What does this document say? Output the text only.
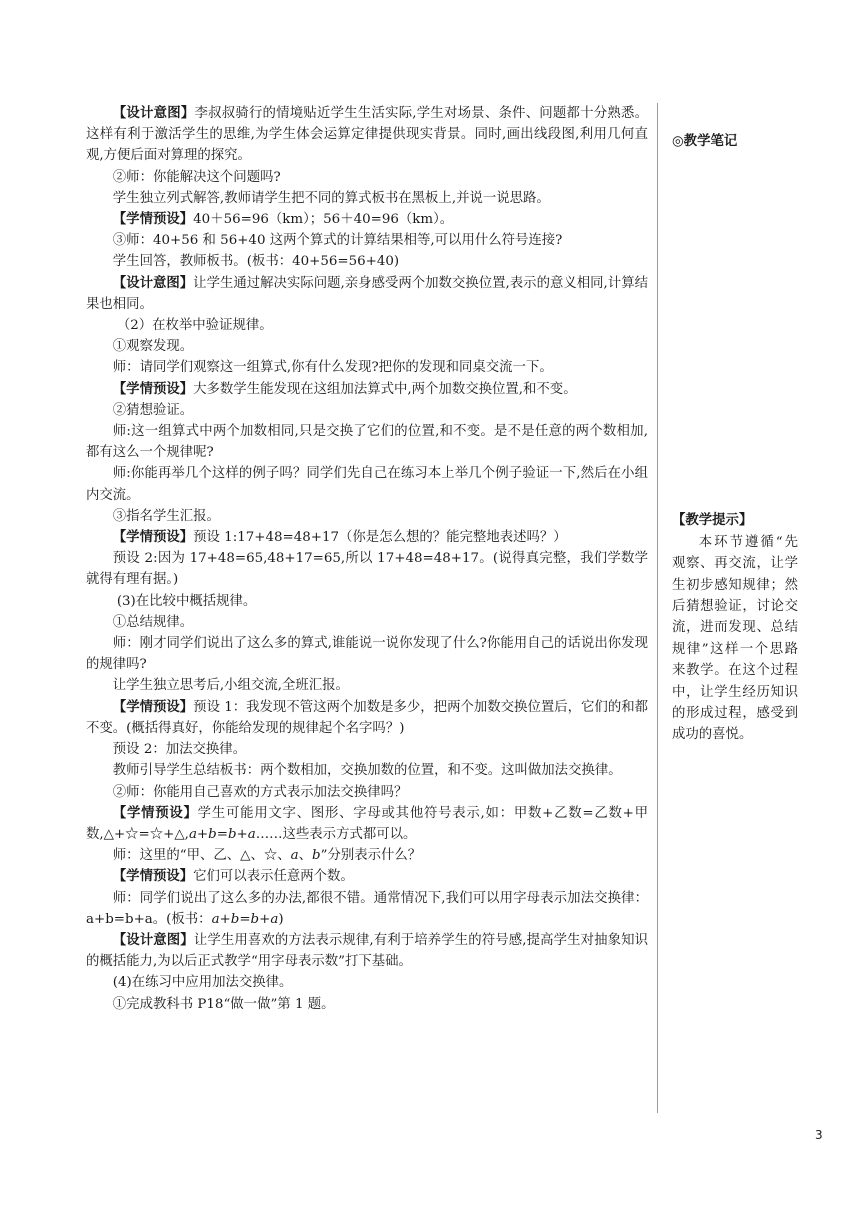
【设计意图】李叔叔骑行的情境贴近学生生活实际,学生对场景、条件、问题都十分熟悉。这样有利于激活学生的思维,为学生体会运算定律提供现实背景。同时,画出线段图,利用几何直观,方便后面对算理的探究。

②师：你能解决这个问题吗?

学生独立列式解答,教师请学生把不同的算式板书在黑板上,并说一说思路。

【学情预设】40＋56=96（km）；56＋40=96（km）。

③师：40+56 和 56+40 这两个算式的计算结果相等,可以用什么符号连接?

学生回答，教师板书。(板书：40+56=56+40)

【设计意图】让学生通过解决实际问题,亲身感受两个加数交换位置,表示的意义相同,计算结果也相同。

（2）在枚举中验证规律。

①观察发现。

师：请同学们观察这一组算式,你有什么发现?把你的发现和同桌交流一下。

【学情预设】大多数学生能发现在这组加法算式中,两个加数交换位置,和不变。

②猜想验证。

师:这一组算式中两个加数相同,只是交换了它们的位置,和不变。是不是任意的两个数相加,都有这么一个规律呢?

师:你能再举几个这样的例子吗？同学们先自己在练习本上举几个例子验证一下,然后在小组内交流。

③指名学生汇报。

【学情预设】预设 1:17+48=48+17（你是怎么想的？能完整地表述吗？）

预设 2:因为 17+48=65,48+17=65,所以 17+48=48+17。(说得真完整，我们学数学就得有理有据。)

(3)在比较中概括规律。

①总结规律。

师：刚才同学们说出了这么多的算式,谁能说一说你发现了什么?你能用自己的话说出你发现的规律吗?

让学生独立思考后,小组交流,全班汇报。

【学情预设】预设 1：我发现不管这两个加数是多少，把两个加数交换位置后，它们的和都不变。(概括得真好，你能给发现的规律起个名字吗？)

预设 2：加法交换律。

教师引导学生总结板书：两个数相加，交换加数的位置，和不变。这叫做加法交换律。

②师：你能用自己喜欢的方式表示加法交换律吗？

【学情预设】学生可能用文字、图形、字母或其他符号表示,如：甲数+乙数=乙数+甲数,△+☆=☆+△,a+b=b+a……这些表示方式都可以。

师：这里的“甲、乙、△、☆、a、b”分别表示什么？

【学情预设】它们可以表示任意两个数。

师：同学们说出了这么多的办法,都很不错。通常情况下,我们可以用字母表示加法交换律：a+b=b+a。(板书：a+b=b+a)

【设计意图】让学生用喜欢的方法表示规律,有利于培养学生的符号感,提高学生对抽象知识的概括能力,为以后正式教学“用字母表示数”打下基础。

(4)在练习中应用加法交换律。

①完成教科书 P18“做一做”第 1 题。

◎教学笔记
【教学提示】

本环节遵循“先观察、再交流，让学生初步感知规律；然后猜想验证，讨论交流，进而发现、总结规律”这样一个思路来教学。在这个过程中，让学生经历知识的形成过程，感受到成功的喜悦。

3
